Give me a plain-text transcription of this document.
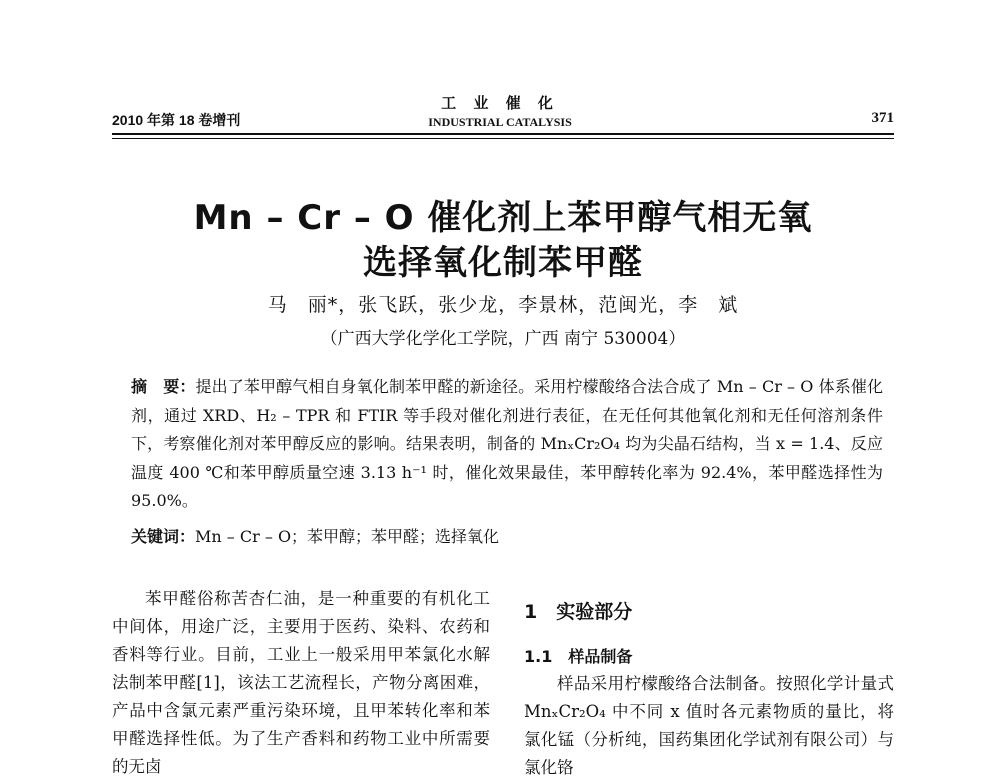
2010 年第 18 卷增刊
工 业 催 化
INDUSTRIAL CATALYSIS	371
Mn – Cr – O 催化剂上苯甲醇气相无氧
选择氧化制苯甲醛
马　丽*，张飞跃，张少龙，李景林，范闽光，李　斌
（广西大学化学化工学院，广西 南宁 530004）
摘　要：提出了苯甲醇气相自身氧化制苯甲醛的新途径。采用柠檬酸络合法合成了 Mn – Cr – O 体系催化剂，通过 XRD、H₂ – TPR 和 FTIR 等手段对催化剂进行表征，在无任何其他氧化剂和无任何溶剂条件下，考察催化剂对苯甲醇反应的影响。结果表明，制备的 MnₓCr₂O₄ 均为尖晶石结构，当 x = 1.4、反应温度 400 ℃和苯甲醇质量空速 3.13 h⁻¹ 时，催化效果最佳，苯甲醇转化率为 92.4%，苯甲醛选择性为 95.0%。
关键词：Mn – Cr – O；苯甲醇；苯甲醛；选择氧化

苯甲醛俗称苦杏仁油，是一种重要的有机化工中间体，用途广泛，主要用于医药、染料、农药和香料等行业。目前，工业上一般采用甲苯氯化水解法制苯甲醛[1]，该法工艺流程长，产物分离困难，产品中含氯元素严重污染环境，且甲苯转化率和苯甲醛选择性低。为了生产香料和药物工业中所需要的无卤

1　实验部分
1.1　样品制备

样品采用柠檬酸络合法制备。按照化学计量式 MnₓCr₂O₄ 中不同 x 值时各元素物质的量比，将氯化锰（分析纯，国药集团化学试剂有限公司）与氯化铬
